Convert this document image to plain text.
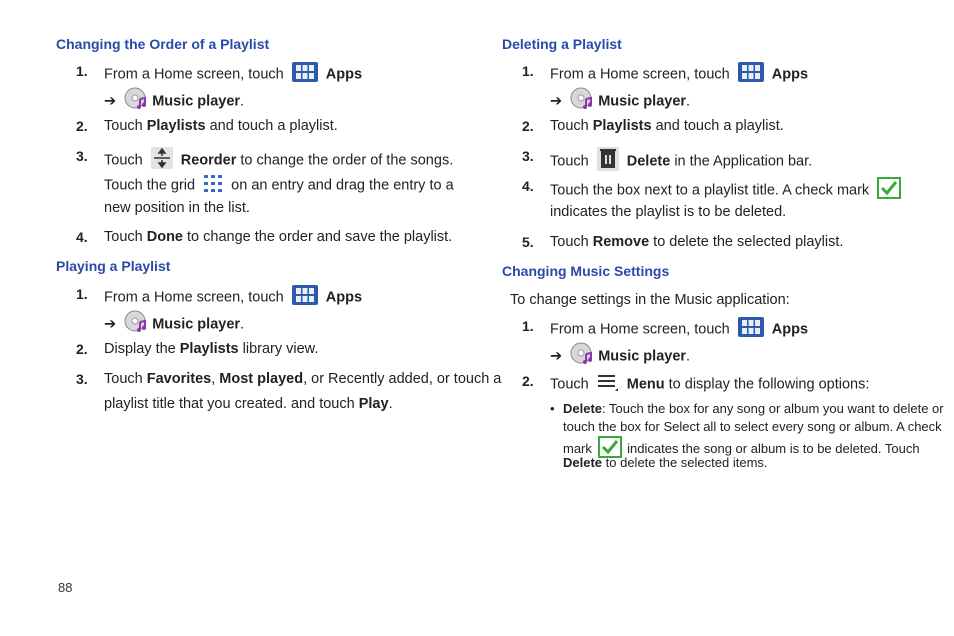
Changing the Order of a Playlist
1.	From a Home screen, touch	Apps
➔ Music player.
2.	Touch Playlists and touch a playlist.
3.	Touch	Reorder to change the order of the songs.
Touch the grid on an entry and drag the entry to a
new position in the list.
4.	Touch Done to change the order and save the playlist.
Playing a Playlist
1.	From a Home screen, touch	Apps
➔ Music player.
2.	Display the Playlists library view.
3.	Touch Favorites, Most played, or Recently added, or touch a
playlist title that you created. and touch Play.
Deleting a Playlist
1.	From a Home screen, touch	Apps
➔ Music player.
2.	Touch Playlists and touch a playlist.
3.	Touch	Delete in the Application bar.
4.	Touch the box next to a playlist title. A check mark
indicates the playlist is to be deleted.
5.	Touch Remove to delete the selected playlist.
Changing Music Settings
To change settings in the Music application:
1.	From a Home screen, touch	Apps
➔ Music player.
2.	Touch	Menu to display the following options:
• Delete: Touch the box for any song or album you want to delete or
touch the box for Select all to select every song or album. A check
mark	indicates the song or album is to be deleted. Touch
Delete to delete the selected items.
88
